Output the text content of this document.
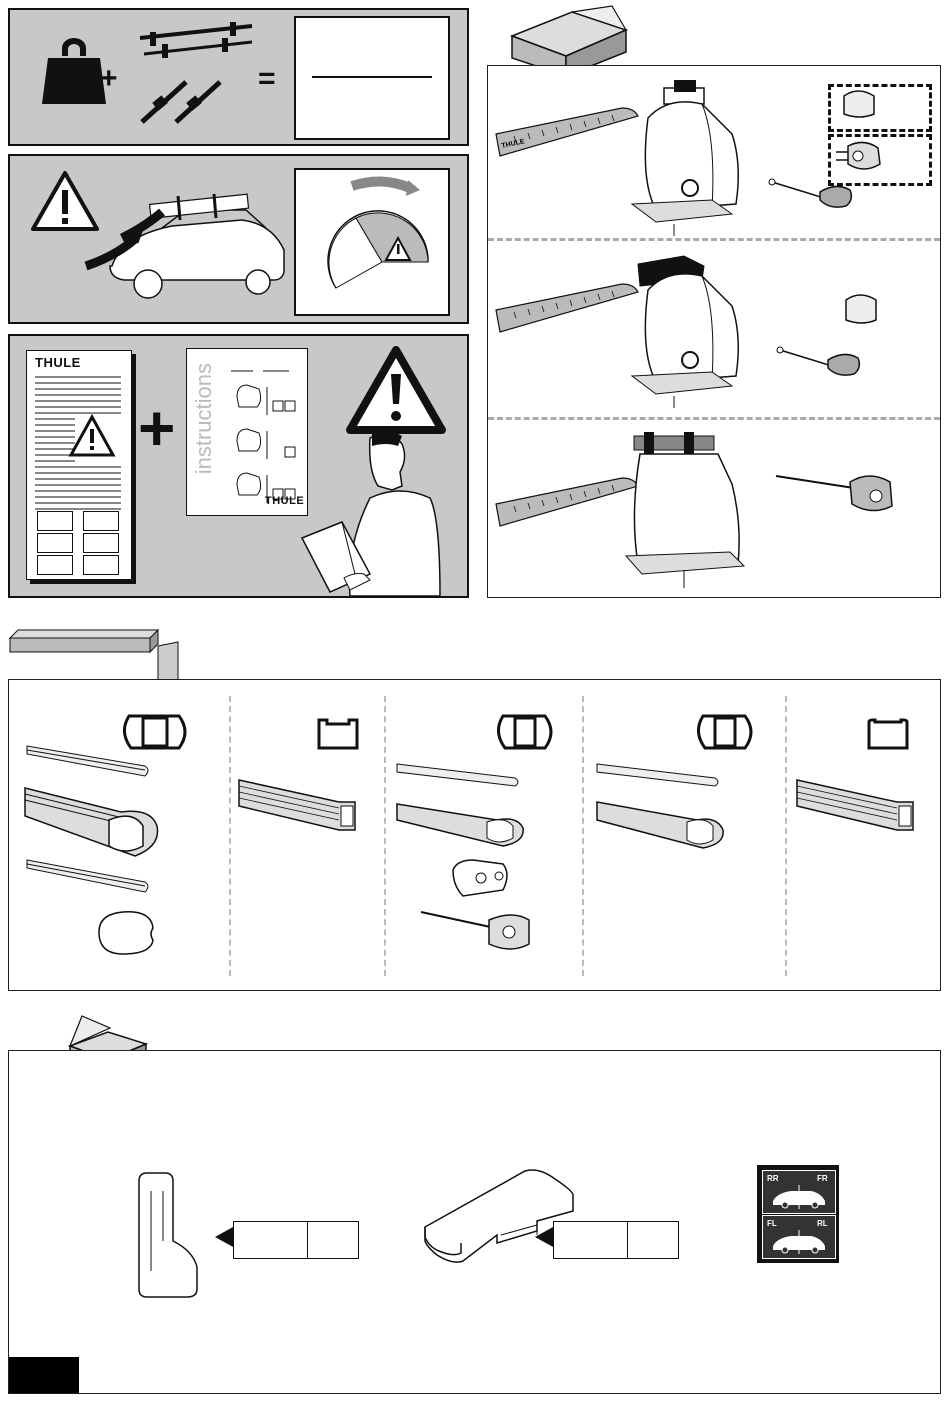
+	=
THULE
+ instructions
THULE
THULE
RR	FR
FL	RL
